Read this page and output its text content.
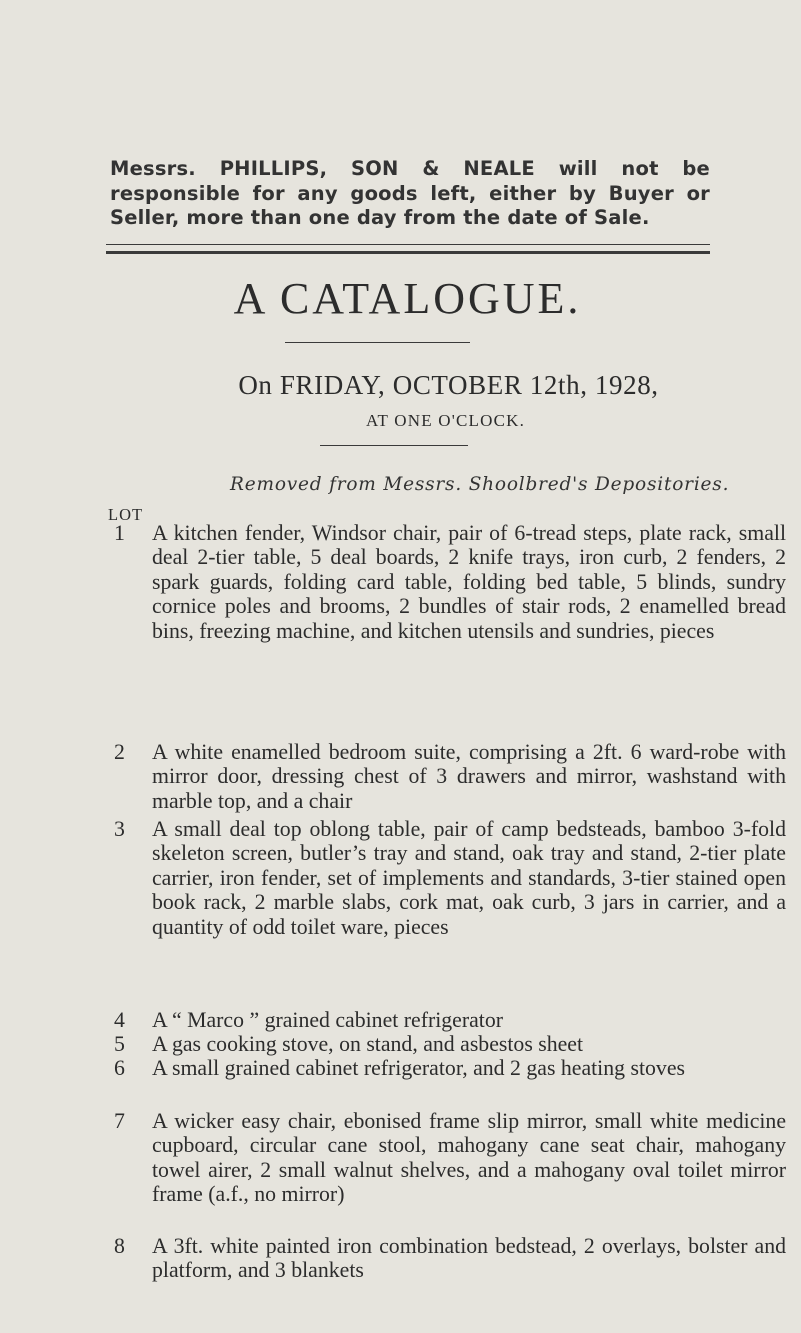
Messrs. PHILLIPS, SON & NEALE will not be responsible for any goods left, either by Buyer or Seller, more than one day from the date of Sale.
A CATALOGUE.
On FRIDAY, OCTOBER 12th, 1928,
AT ONE O'CLOCK.
Removed from Messrs. Shoolbred's Depositories.
LOT
1	A kitchen fender, Windsor chair, pair of 6-tread steps, plate rack, small deal 2-tier table, 5 deal boards, 2 knife trays, iron curb, 2 fenders, 2 spark guards, folding card table, folding bed table, 5 blinds, sundry cornice poles and brooms, 2 bundles of stair rods, 2 enamelled bread bins, freezing machine, and kitchen utensils and sundries, pieces
2	A white enamelled bedroom suite, comprising a 2ft. 6 ward-robe with mirror door, dressing chest of 3 drawers and mirror, washstand with marble top, and a chair
3	A small deal top oblong table, pair of camp bedsteads, bamboo 3-fold skeleton screen, butler’s tray and stand, oak tray and stand, 2-tier plate carrier, iron fender, set of implements and standards, 3-tier stained open book rack, 2 marble slabs, cork mat, oak curb, 3 jars in carrier, and a quantity of odd toilet ware, pieces
4	A “ Marco ” grained cabinet refrigerator
5	A gas cooking stove, on stand, and asbestos sheet
6	A small grained cabinet refrigerator, and 2 gas heating stoves
7	A wicker easy chair, ebonised frame slip mirror, small white medicine cupboard, circular cane stool, mahogany cane seat chair, mahogany towel airer, 2 small walnut shelves, and a mahogany oval toilet mirror frame (a.f., no mirror)
8	A 3ft. white painted iron combination bedstead, 2 overlays, bolster and platform, and 3 blankets
